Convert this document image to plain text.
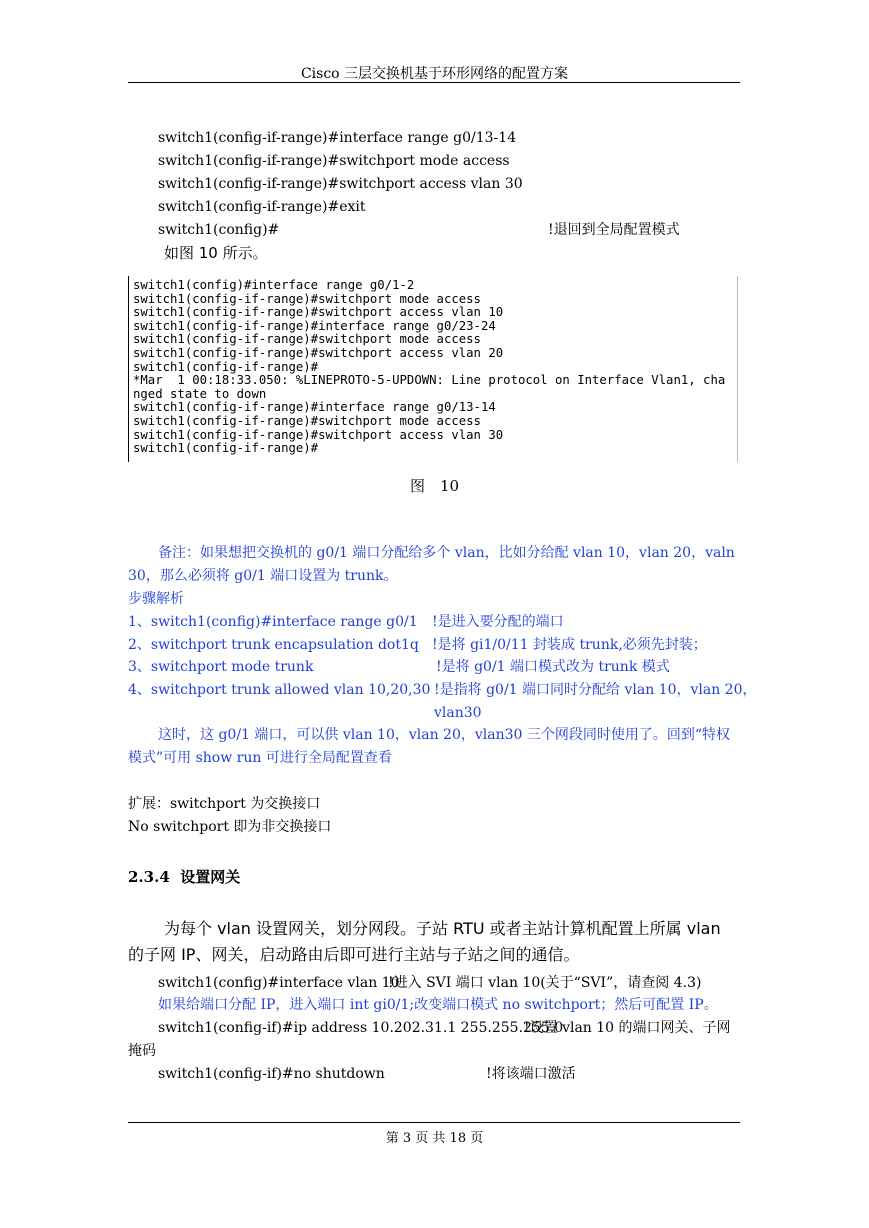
Cisco 三层交换机基于环形网络的配置方案
switch1(config-if-range)#interface range g0/13-14
switch1(config-if-range)#switchport mode access
switch1(config-if-range)#switchport access vlan 30
switch1(config-if-range)#exit
switch1(config)#	!退回到全局配置模式
如图 10 所示。
switch1(config)#interface range g0/1-2
switch1(config-if-range)#switchport mode access
switch1(config-if-range)#switchport access vlan 10
switch1(config-if-range)#interface range g0/23-24
switch1(config-if-range)#switchport mode access
switch1(config-if-range)#switchport access vlan 20
switch1(config-if-range)#
*Mar  1 00:18:33.050: %LINEPROTO-5-UPDOWN: Line protocol on Interface Vlan1, cha
nged state to down
switch1(config-if-range)#interface range g0/13-14
switch1(config-if-range)#switchport mode access
switch1(config-if-range)#switchport access vlan 30
switch1(config-if-range)#
图　10
备注：如果想把交换机的 g0/1 端口分配给多个 vlan，比如分给配 vlan 10，vlan 20，valn
30，那么必须将 g0/1 端口设置为 trunk。
步骤解析
1、switch1(config)#interface range g0/1 !是进入要分配的端口
2、switchport trunk encapsulation dot1q !是将 gi1/0/11 封装成 trunk,必须先封装；
3、switchport mode trunk	!是将 g0/1 端口模式改为 trunk 模式
4、switchport trunk allowed vlan 10,20,30 !是指将 g0/1 端口同时分配给 vlan 10，vlan 20，
vlan30
这时，这 g0/1 端口，可以供 vlan 10，vlan 20，vlan30 三个网段同时使用了。回到“特权
模式”可用 show run 可进行全局配置查看
扩展：switchport 为交换接口
No switchport 即为非交换接口
2.3.4 设置网关
为每个 vlan 设置网关，划分网段。子站 RTU 或者主站计算机配置上所属 vlan
的子网 IP、网关，启动路由后即可进行主站与子站之间的通信。
switch1(config)#interface vlan 10
!进入 SVI 端口 vlan 10(关于“SVI”，请查阅 4.3)
如果给端口分配 IP，进入端口 int gi0/1;改变端口模式 no switchport；然后可配置 IP。
switch1(config-if)#ip address 10.202.31.1 255.255.255.0
!设置 vlan 10 的端口网关、子网
掩码
switch1(config-if)#no shutdown	!将该端口激活
第 3 页 共 18 页
